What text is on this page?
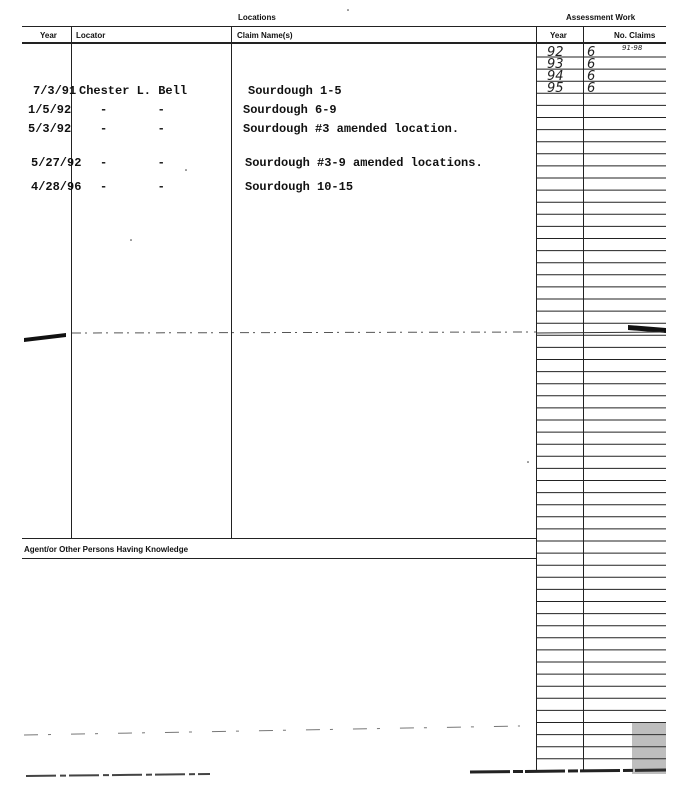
Locations	Assessment Work
Year Locator	Claim Name(s)	Year	No. Claims
7/3/91 Chester L. Bell	Sourdough 1-5
1/5/92 -       -	Sourdough 6-9
5/3/92 -       -	Sourdough #3 amended location.
5/27/92 -       -	Sourdough #3-9 amended locations.
4/28/96 -       -	Sourdough 10-15
92 6	91-98
93 6
94 6
95 6
Agent/or Other Persons Having Knowledge
